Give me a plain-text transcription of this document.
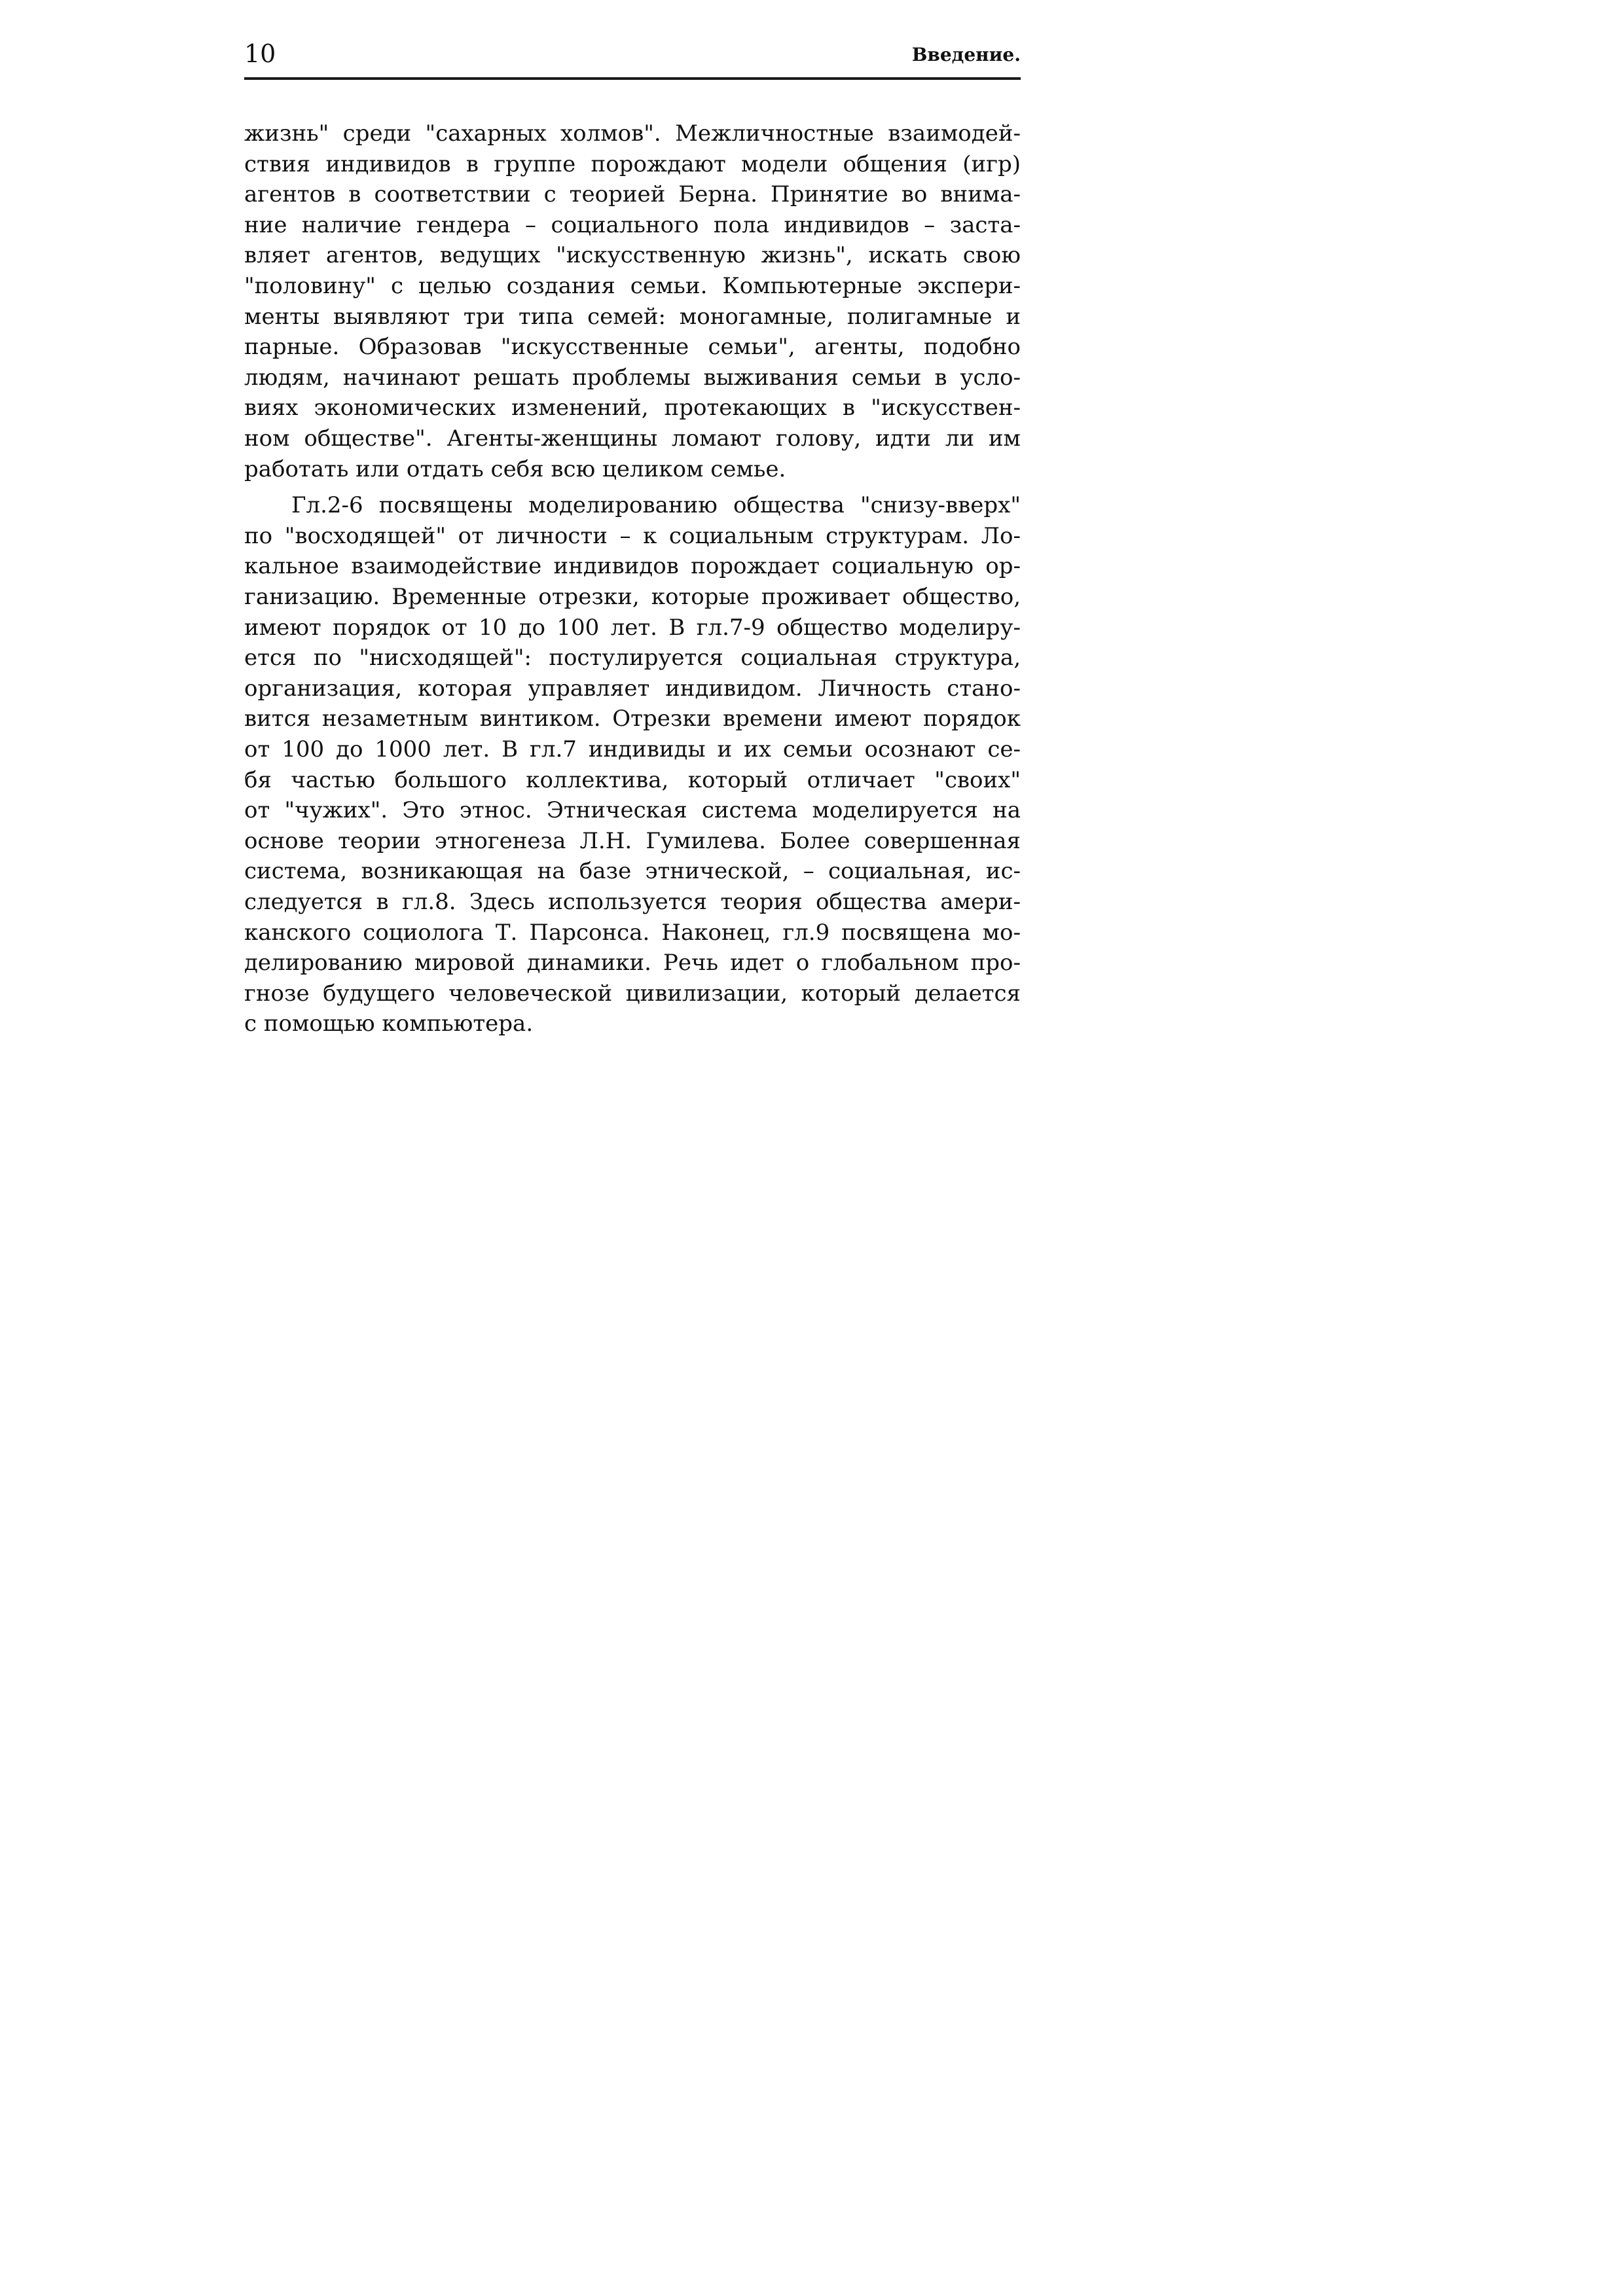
10	Введение.
жизнь" среди "сахарных холмов". Межличностные взаимодей-
ствия индивидов в группе порождают модели общения (игр)
агентов в соответствии с теорией Берна. Принятие во внима-
ние наличие гендера – социального пола индивидов – заста-
вляет агентов, ведущих "искусственную жизнь", искать свою
"половину" с целью создания семьи. Компьютерные экспери-
менты выявляют три типа семей: моногамные, полигамные и
парные. Образовав "искусственные семьи", агенты, подобно
людям, начинают решать проблемы выживания семьи в усло-
виях экономических изменений, протекающих в "искусствен-
ном обществе". Агенты-женщины ломают голову, идти ли им
работать или отдать себя всю целиком семье.
Гл.2-6 посвящены моделированию общества "снизу-вверх"
по "восходящей" от личности – к социальным структурам. Ло-
кальное взаимодействие индивидов порождает социальную ор-
ганизацию. Временные отрезки, которые проживает общество,
имеют порядок от 10 до 100 лет. В гл.7-9 общество моделиру-
ется по "нисходящей": постулируется социальная структура,
организация, которая управляет индивидом. Личность стано-
вится незаметным винтиком. Отрезки времени имеют порядок
от 100 до 1000 лет. В гл.7 индивиды и их семьи осознают се-
бя частью большого коллектива, который отличает "своих"
от "чужих". Это этнос. Этническая система моделируется на
основе теории этногенеза Л.Н. Гумилева. Более совершенная
система, возникающая на базе этнической, – социальная, ис-
следуется в гл.8. Здесь используется теория общества амери-
канского социолога Т. Парсонса. Наконец, гл.9 посвящена мо-
делированию мировой динамики. Речь идет о глобальном про-
гнозе будущего человеческой цивилизации, который делается
с помощью компьютера.
